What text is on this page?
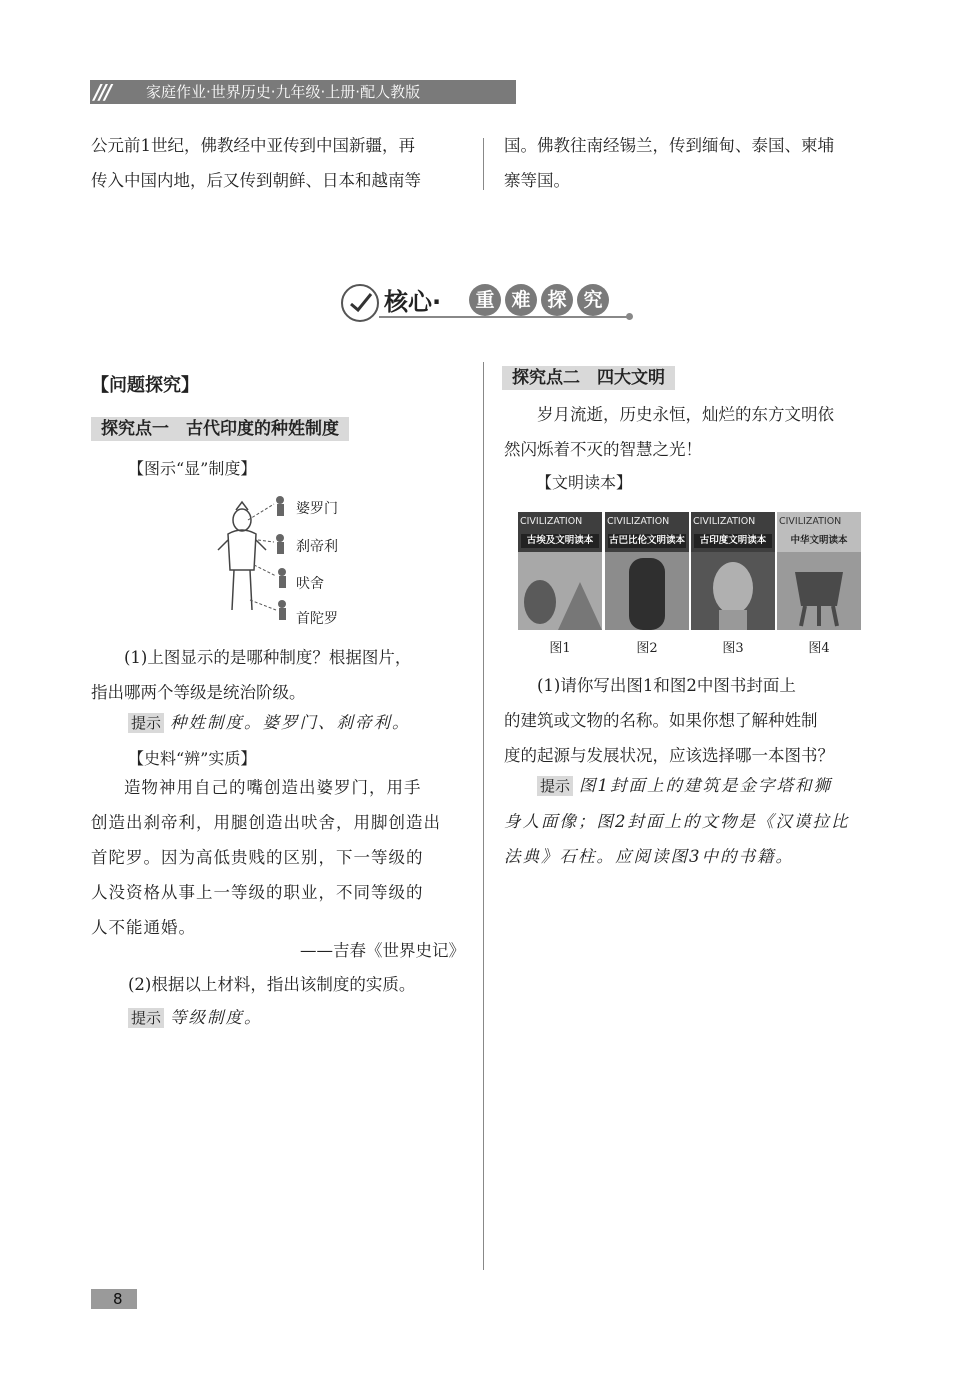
/// 家庭作业·世界历史·九年级·上册·配人教版
公元前1世纪，佛教经中亚传到中国新疆，再
传入中国内地，后又传到朝鲜、日本和越南等
国。佛教往南经锡兰，传到缅甸、泰国、柬埔
寨等国。
核心·	重 难 探 究
【问题探究】
探究点一　古代印度的种姓制度
【图示“显”制度】
婆罗门
刹帝利
吠舍
首陀罗
(1)上图显示的是哪种制度？根据图片，
指出哪两个等级是统治阶级。
提示 种姓制度。婆罗门、刹帝利。
【史料“辨”实质】
造物神用自己的嘴创造出婆罗门，用手
创造出刹帝利，用腿创造出吠舍，用脚创造出
首陀罗。因为高低贵贱的区别，下一等级的
人没资格从事上一等级的职业，不同等级的
人不能通婚。
——吉春《世界史记》
(2)根据以上材料，指出该制度的实质。
提示 等级制度。
探究点二　四大文明
岁月流逝，历史永恒，灿烂的东方文明依
然闪烁着不灭的智慧之光！
【文明读本】
CIVILIZATION
古埃及文明读本
CIVILIZATION
古巴比伦文明读本
CIVILIZATION
古印度文明读本
CIVILIZATION
中华文明读本
图1	图2	图3	图4
(1)请你写出图1和图2中图书封面上
的建筑或文物的名称。如果你想了解种姓制
度的起源与发展状况，应该选择哪一本图书？
提示 图1封面上的建筑是金字塔和狮
身人面像；图2封面上的文物是《汉谟拉比
法典》石柱。应阅读图3中的书籍。
8
